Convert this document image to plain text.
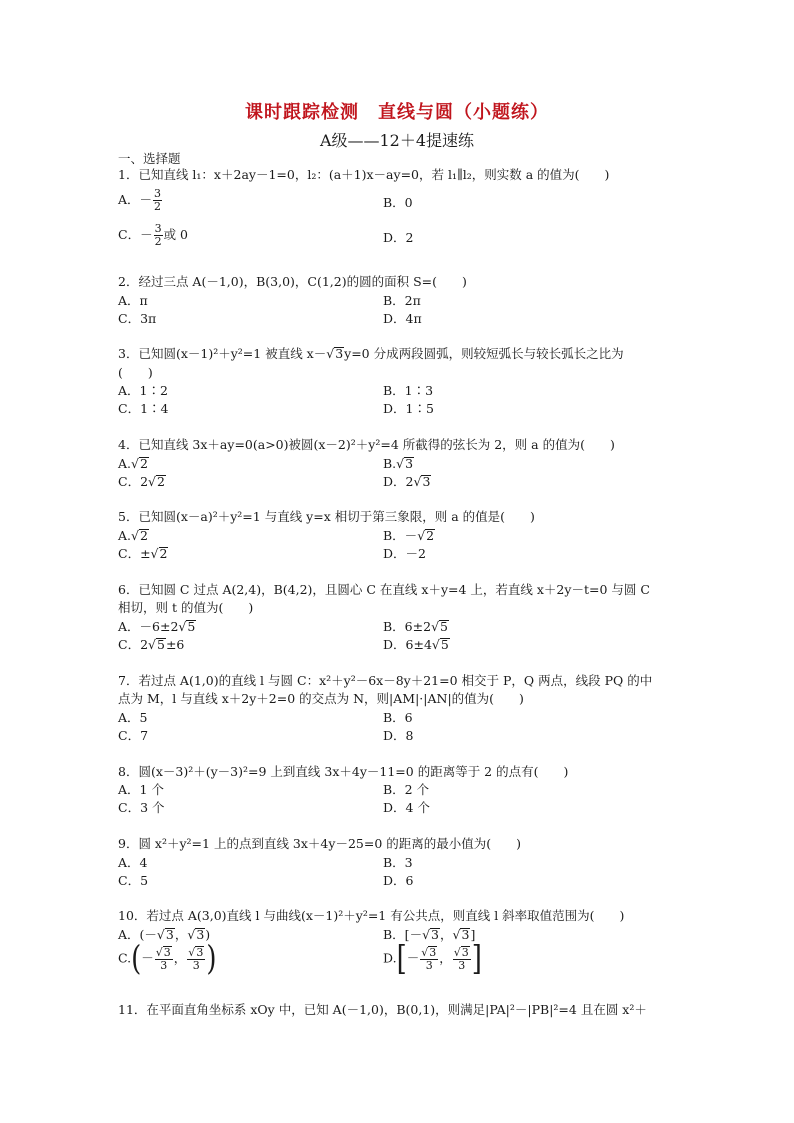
课时跟踪检测　直线与圆（小题练）
A级——12＋4提速练
一、选择题
1．已知直线 l₁：x＋2ay－1=0，l₂：(a＋1)x－ay=0，若 l₁∥l₂，则实数 a 的值为(　　)
A．－ $\frac{3}{2}$	B．0
C．－ $\frac{3}{2}$ 或 0	D．2
2．经过三点 A(－1,0)，B(3,0)，C(1,2)的圆的面积 S=(　　)
A．π	B．2π
C．3π	D．4π
3．已知圆(x－1)²＋y²=1 被直线 x－√3y=0 分成两段圆弧，则较短弧长与较长弧长之比为
(　　)
A．1∶2	B．1∶3
C．1∶4	D．1∶5
4．已知直线 3x＋ay=0(a>0)被圆(x－2)²＋y²=4 所截得的弦长为 2，则 a 的值为(　　)
A.√2	B.√3
C．2√2	D．2√3
5．已知圆(x－a)²＋y²=1 与直线 y=x 相切于第三象限，则 a 的值是(　　)
A.√2	B．－√2
C．±√2	D．－2
6．已知圆 C 过点 A(2,4)，B(4,2)，且圆心 C 在直线 x＋y=4 上，若直线 x＋2y－t=0 与圆 C
相切，则 t 的值为(　　)
A．－6±2√5	B．6±2√5
C．2√5±6	D．6±4√5
7．若过点 A(1,0)的直线 l 与圆 C：x²＋y²－6x－8y＋21=0 相交于 P，Q 两点，线段 PQ 的中
点为 M，l 与直线 x＋2y＋2=0 的交点为 N，则|AM|·|AN|的值为(　　)
A．5	B．6
C．7	D．8
8．圆(x－3)²＋(y－3)²=9 上到直线 3x＋4y－11=0 的距离等于 2 的点有(　　)
A．1 个	B．2 个
C．3 个	D．4 个
9．圆 x²＋y²=1 上的点到直线 3x＋4y－25=0 的距离的最小值为(　　)
A．4	B．3
C．5	D．6
10．若过点 A(3,0)直线 l 与曲线(x－1)²＋y²=1 有公共点，则直线 l 斜率取值范围为(　　)
A．(－√3，√3)	B．[－√3，√3]
$C.(- \frac{√3}{3}$ ， $\frac{√3}{3}$ )	$D.[- \frac{√3}{3}$ ， $\frac{√3}{3}$ ]
11．在平面直角坐标系 xOy 中，已知 A(－1,0)，B(0,1)，则满足|PA|²－|PB|²=4 且在圆 x²＋
